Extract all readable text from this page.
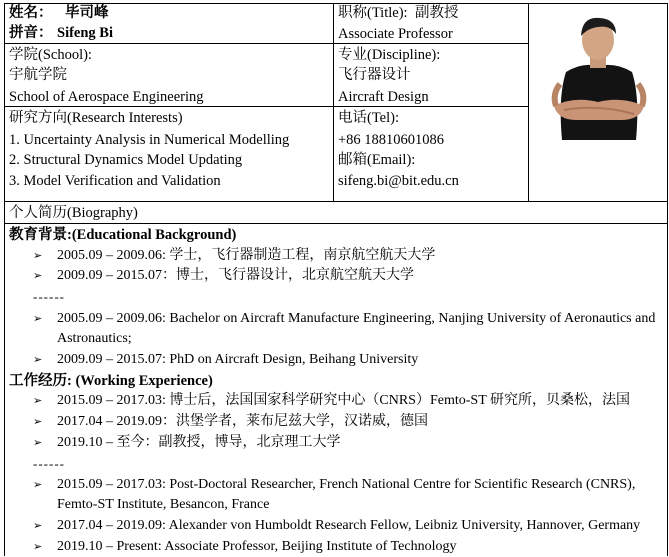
姓名： 毕司峰
拼音： Sifeng Bi
职称(Title): 副教授
Associate Professor
学院(School):
宇航学院
School of Aerospace Engineering
专业(Discipline):
飞行器设计
Aircraft Design
研究方向(Research Interests)
1. Uncertainty Analysis in Numerical Modelling
2. Structural Dynamics Model Updating
3. Model Verification and Validation
电话(Tel):
+86 18810601086
邮箱(Email):
sifeng.bi@bit.edu.cn
个人简历(Biography)
教育背景:(Educational Background)
➢ 2005.09 – 2009.06: 学士，飞行器制造工程，南京航空航天大学
➢ 2009.09 – 2015.07：博士，飞行器设计，北京航空航天大学
------
➢ 2005.09 – 2009.06: Bachelor on Aircraft Manufacture Engineering, Nanjing University of Aeronautics and
Astronautics;
➢ 2009.09 – 2015.07: PhD on Aircraft Design, Beihang University
工作经历: (Working Experience)
➢ 2015.09 – 2017.03: 博士后，法国国家科学研究中心（CNRS）Femto-ST 研究所，贝桑松，法国
➢ 2017.04 – 2019.09：洪堡学者，莱布尼兹大学，汉诺威，德国
➢ 2019.10 – 至今：副教授，博导，北京理工大学
------
➢ 2015.09 – 2017.03: Post-Doctoral Researcher, French National Centre for Scientific Research (CNRS),
Femto-ST Institute, Besancon, France
➢ 2017.04 – 2019.09: Alexander von Humboldt Research Fellow, Leibniz University, Hannover, Germany
➢ 2019.10 – Present: Associate Professor, Beijing Institute of Technology
